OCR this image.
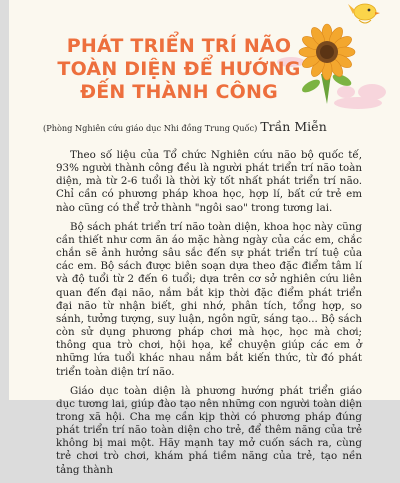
PHÁT TRIỂN TRÍ NÃO
TOÀN DIỆN ĐỂ HƯỚNG
ĐẾN THÀNH CÔNG
(Phòng Nghiên cứu giáo dục Nhi đồng Trung Quốc) Trần Miễn

Theo số liệu của Tổ chức Nghiên cứu não bộ quốc tế, 93% người thành công đều là người phát triển trí não toàn diện, mà từ 2-6 tuổi là thời kỳ tốt nhất phát triển trí não. Chỉ cần có phương pháp khoa học, hợp lí, bất cứ trẻ em nào cũng có thể trở thành "ngôi sao" trong tương lai.

Bộ sách phát triển trí não toàn diện, khoa học này cũng cần thiết như cơm ăn áo mặc hàng ngày của các em, chắc chắn sẽ ảnh hưởng sâu sắc đến sự phát triển trí tuệ của các em. Bộ sách được biên soạn dựa theo đặc điểm tâm lí và độ tuổi từ 2 đến 6 tuổi; dựa trên cơ sở nghiên cứu liên quan đến đại não, nắm bắt kịp thời đặc điểm phát triển đại não từ nhận biết, ghi nhớ, phân tích, tổng hợp, so sánh, tưởng tượng, suy luận, ngôn ngữ, sáng tạo... Bộ sách còn sử dụng phương pháp chơi mà học, học mà chơi; thông qua trò chơi, hội họa, kể chuyện giúp các em ở những lứa tuổi khác nhau nắm bắt kiến thức, từ đó phát triển toàn diện trí não.

Giáo dục toàn diện là phương hướng phát triển giáo dục tương lai, giúp đào tạo nên những con người toàn diện trong xã hội. Cha mẹ cần kịp thời có phương pháp đúng phát triển trí não toàn diện cho trẻ, để thêm năng của trẻ không bị mai một. Hãy mạnh tay mở cuốn sách ra, cùng trẻ chơi trò chơi, khám phá tiềm năng của trẻ, tạo nền tảng thành
